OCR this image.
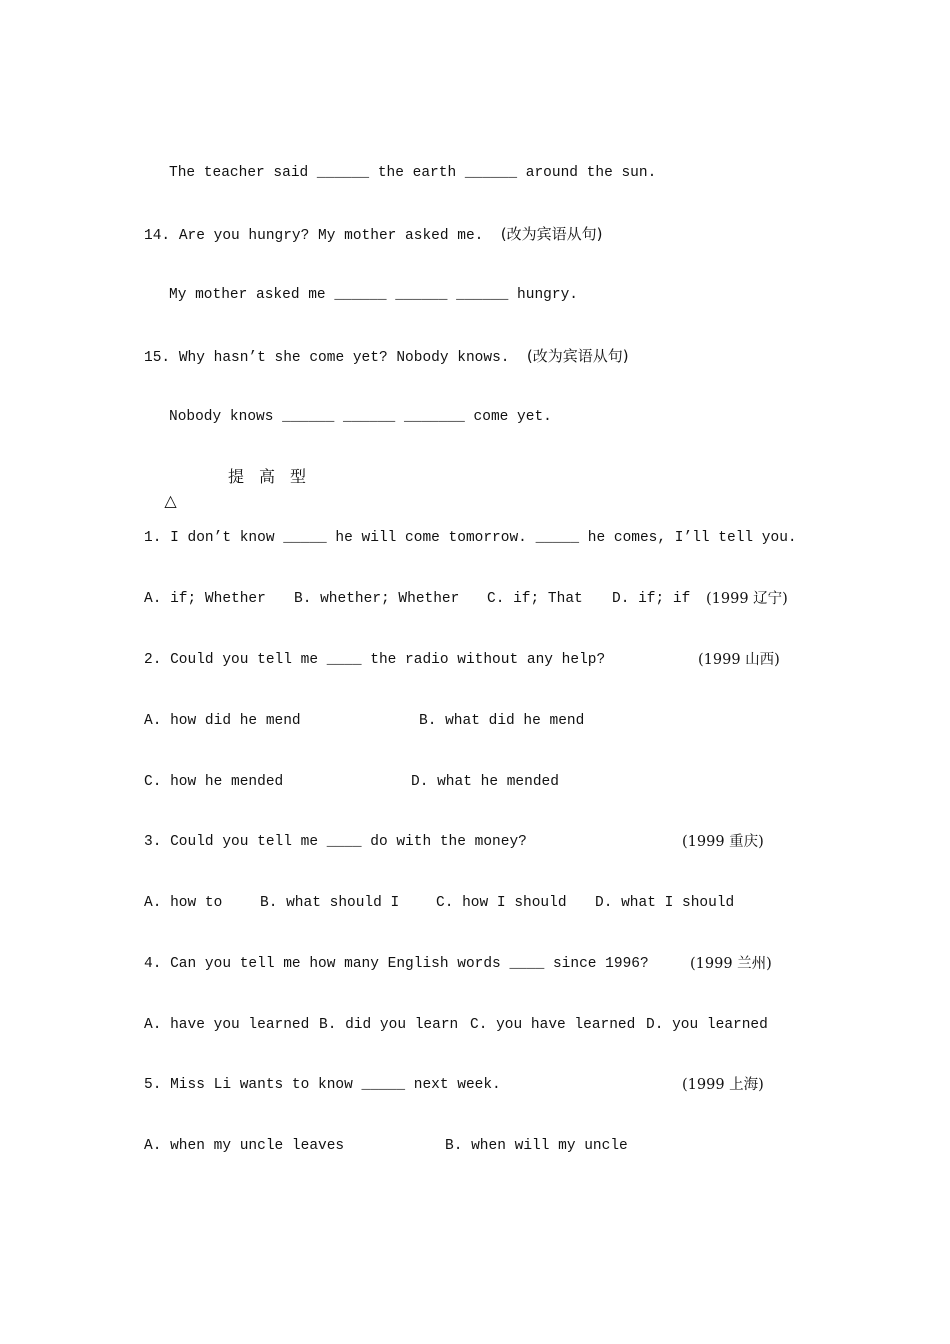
The teacher said ______ the earth ______ around the sun.
14. Are you hungry? My mother asked me. (改为宾语从句)
My mother asked me ______ ______ ______ hungry.
15. Why hasn’t she come yet? Nobody knows. (改为宾语从句)
Nobody knows ______ ______ _______ come yet.

△

提高型

1. I don’t know _____ he will come tomorrow. _____ he comes, I’ll tell you.
A. if; Whether B. whether; Whether C. if; That D. if; if (1999 辽宁)
2. Could you tell me ____ the radio without any help?	(1999 山西)
A. how did he mend	B. what did he mend
C. how he mended	D. what he mended
3. Could you tell me ____ do with the money?	(1999 重庆)
A. how to	B. what should I	C. how I should D. what I should
4. Can you tell me how many English words ____ since 1996?	(1999 兰州)
A. have you learned B. did you learn C. you have learned D. you learned
5. Miss Li wants to know _____ next week.	(1999 上海)
A. when my uncle leaves	B. when will my uncle
